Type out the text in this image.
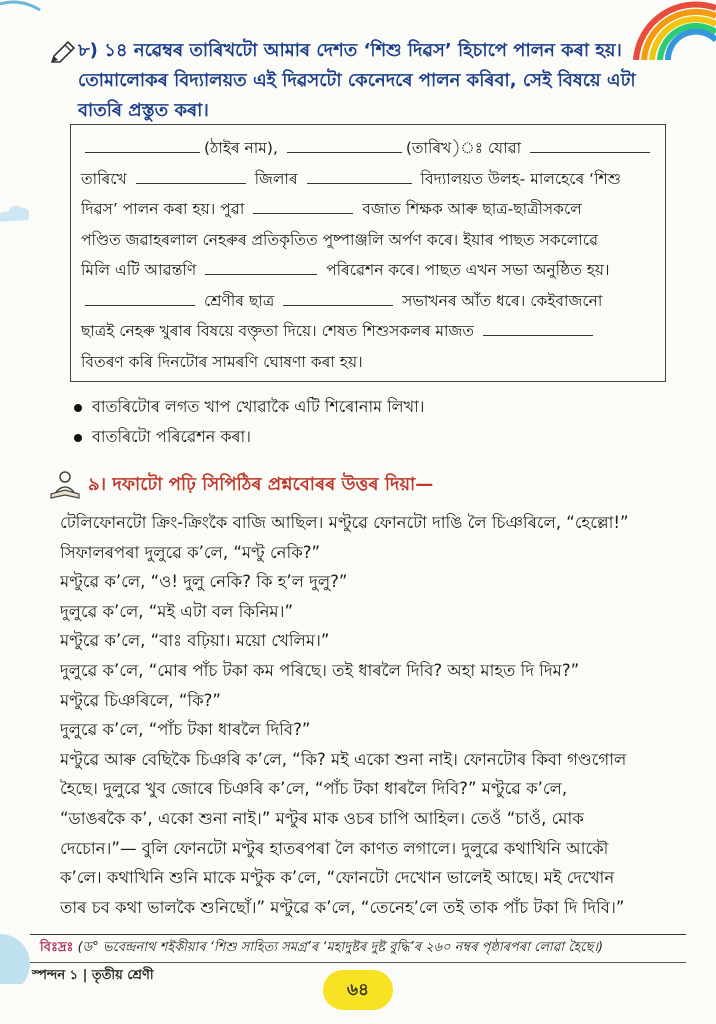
৮) ১৪ নৱেম্বৰ তাৰিখটো আমাৰ দেশত ‘শিশু দিৱস’ হিচাপে পালন কৰা হয়। তোমালোকৰ বিদ্যালয়ত এই দিৱসটো কেনেদৰে পালন কৰিবা, সেই বিষয়ে এটা বাতৰি প্ৰস্তুত কৰা।

(ঠাইৰ নাম),	(তাৰিখ)ঃ যোৱা

তাৰিখে	জিলাৰ	বিদ্যালয়ত উলহ- মালহেৰে ‘শিশু

দিৱস’ পালন কৰা হয়। পুৱা	বজাত শিক্ষক আৰু ছাত্ৰ-ছাত্ৰীসকলে

পণ্ডিত জৱাহৰলাল নেহৰুৰ প্ৰতিকৃতিত পুষ্পাঞ্জলি অৰ্পণ কৰে। ইয়াৰ পাছত সকলোৱে

মিলি এটি আৱন্তণি	পৰিৱেশন কৰে। পাছত এখন সভা অনুষ্ঠিত হয়।

শ্ৰেণীৰ ছাত্ৰ	সভাখনৰ আঁত ধৰে। কেইবাজনো

ছাত্ৰই নেহৰু খুৰাৰ বিষয়ে বক্তৃতা দিয়ে। শেষত শিশুসকলৰ মাজত

বিতৰণ কৰি দিনটোৰ সামৰণি ঘোষণা কৰা হয়।

বাতৰিটোৰ লগত খাপ খোৱাকৈ এটি শিৰোনাম লিখা।
বাতৰিটো পৰিৱেশন কৰা।

৯। দফাটো পঢ়ি সিপিঠিৰ প্ৰশ্নবোৰৰ উত্তৰ দিয়া—

টেলিফোনটো ক্ৰিং-ক্ৰিংকৈ বাজি আছিল। মণ্টুৱে ফোনটো দাঙি লৈ চিঞৰিলে, “হেল্লো!”

সিফালৰপৰা দুলুৱে ক’লে, “মণ্টু নেকি?”

মণ্টুৱে ক’লে, “ও! দুলু নেকি? কি হ’ল দুলু?”

দুলুৱে ক’লে, “মই এটা বল কিনিম।”

মণ্টুৱে ক’লে, “বাঃ বঢ়িয়া। ময়ো খেলিম।”

দুলুৱে ক’লে, “মোৰ পাঁচ টকা কম পৰিছে। তই ধাৰলৈ দিবি? অহা মাহত দি দিম?”

মণ্টুৱে চিঞৰিলে, “কি?”

দুলুৱে ক’লে, “পাঁচ টকা ধাৰলৈ দিবি?”

মণ্টুৱে আৰু বেছিকৈ চিঞৰি ক’লে, “কি? মই একো শুনা নাই। ফোনটোৰ কিবা গণ্ডগোল

হৈছে। দুলুৱে খুব জোৰে চিঞৰি ক’লে, “পাঁচ টকা ধাৰলৈ দিবি?” মণ্টুৱে ক’লে,

“ডাঙৰকৈ ক’, একো শুনা নাই।” মণ্টুৰ মাক ওচৰ চাপি আহিল। তেওঁ “চাওঁ, মোক

দেচোন।”— বুলি ফোনটো মণ্টুৰ হাতৰপৰা লৈ কাণত লগালে। দুলুৱে কথাখিনি আকৌ

ক’লে। কথাখিনি শুনি মাকে মণ্টুক ক’লে, “ফোনটো দেখোন ভালেই আছে। মই দেখোন

তাৰ চব কথা ভালকৈ শুনিছোঁ।” মণ্টুৱে ক’লে, “তেনেহ’লে তই তাক পাঁচ টকা দি দিবি।”

বিঃদ্ৰঃ (ড° ভবেন্দ্ৰনাথ শইকীয়াৰ ‘শিশু সাহিত্য সমগ্ৰ’ৰ ‘মহাদুষ্টৰ দুষ্ট বুদ্ধি’ৰ ২৬০ নম্বৰ পৃষ্ঠাৰপৰা লোৱা হৈছে।)
স্পন্দন ১ | তৃতীয় শ্ৰেণী
৬৪
